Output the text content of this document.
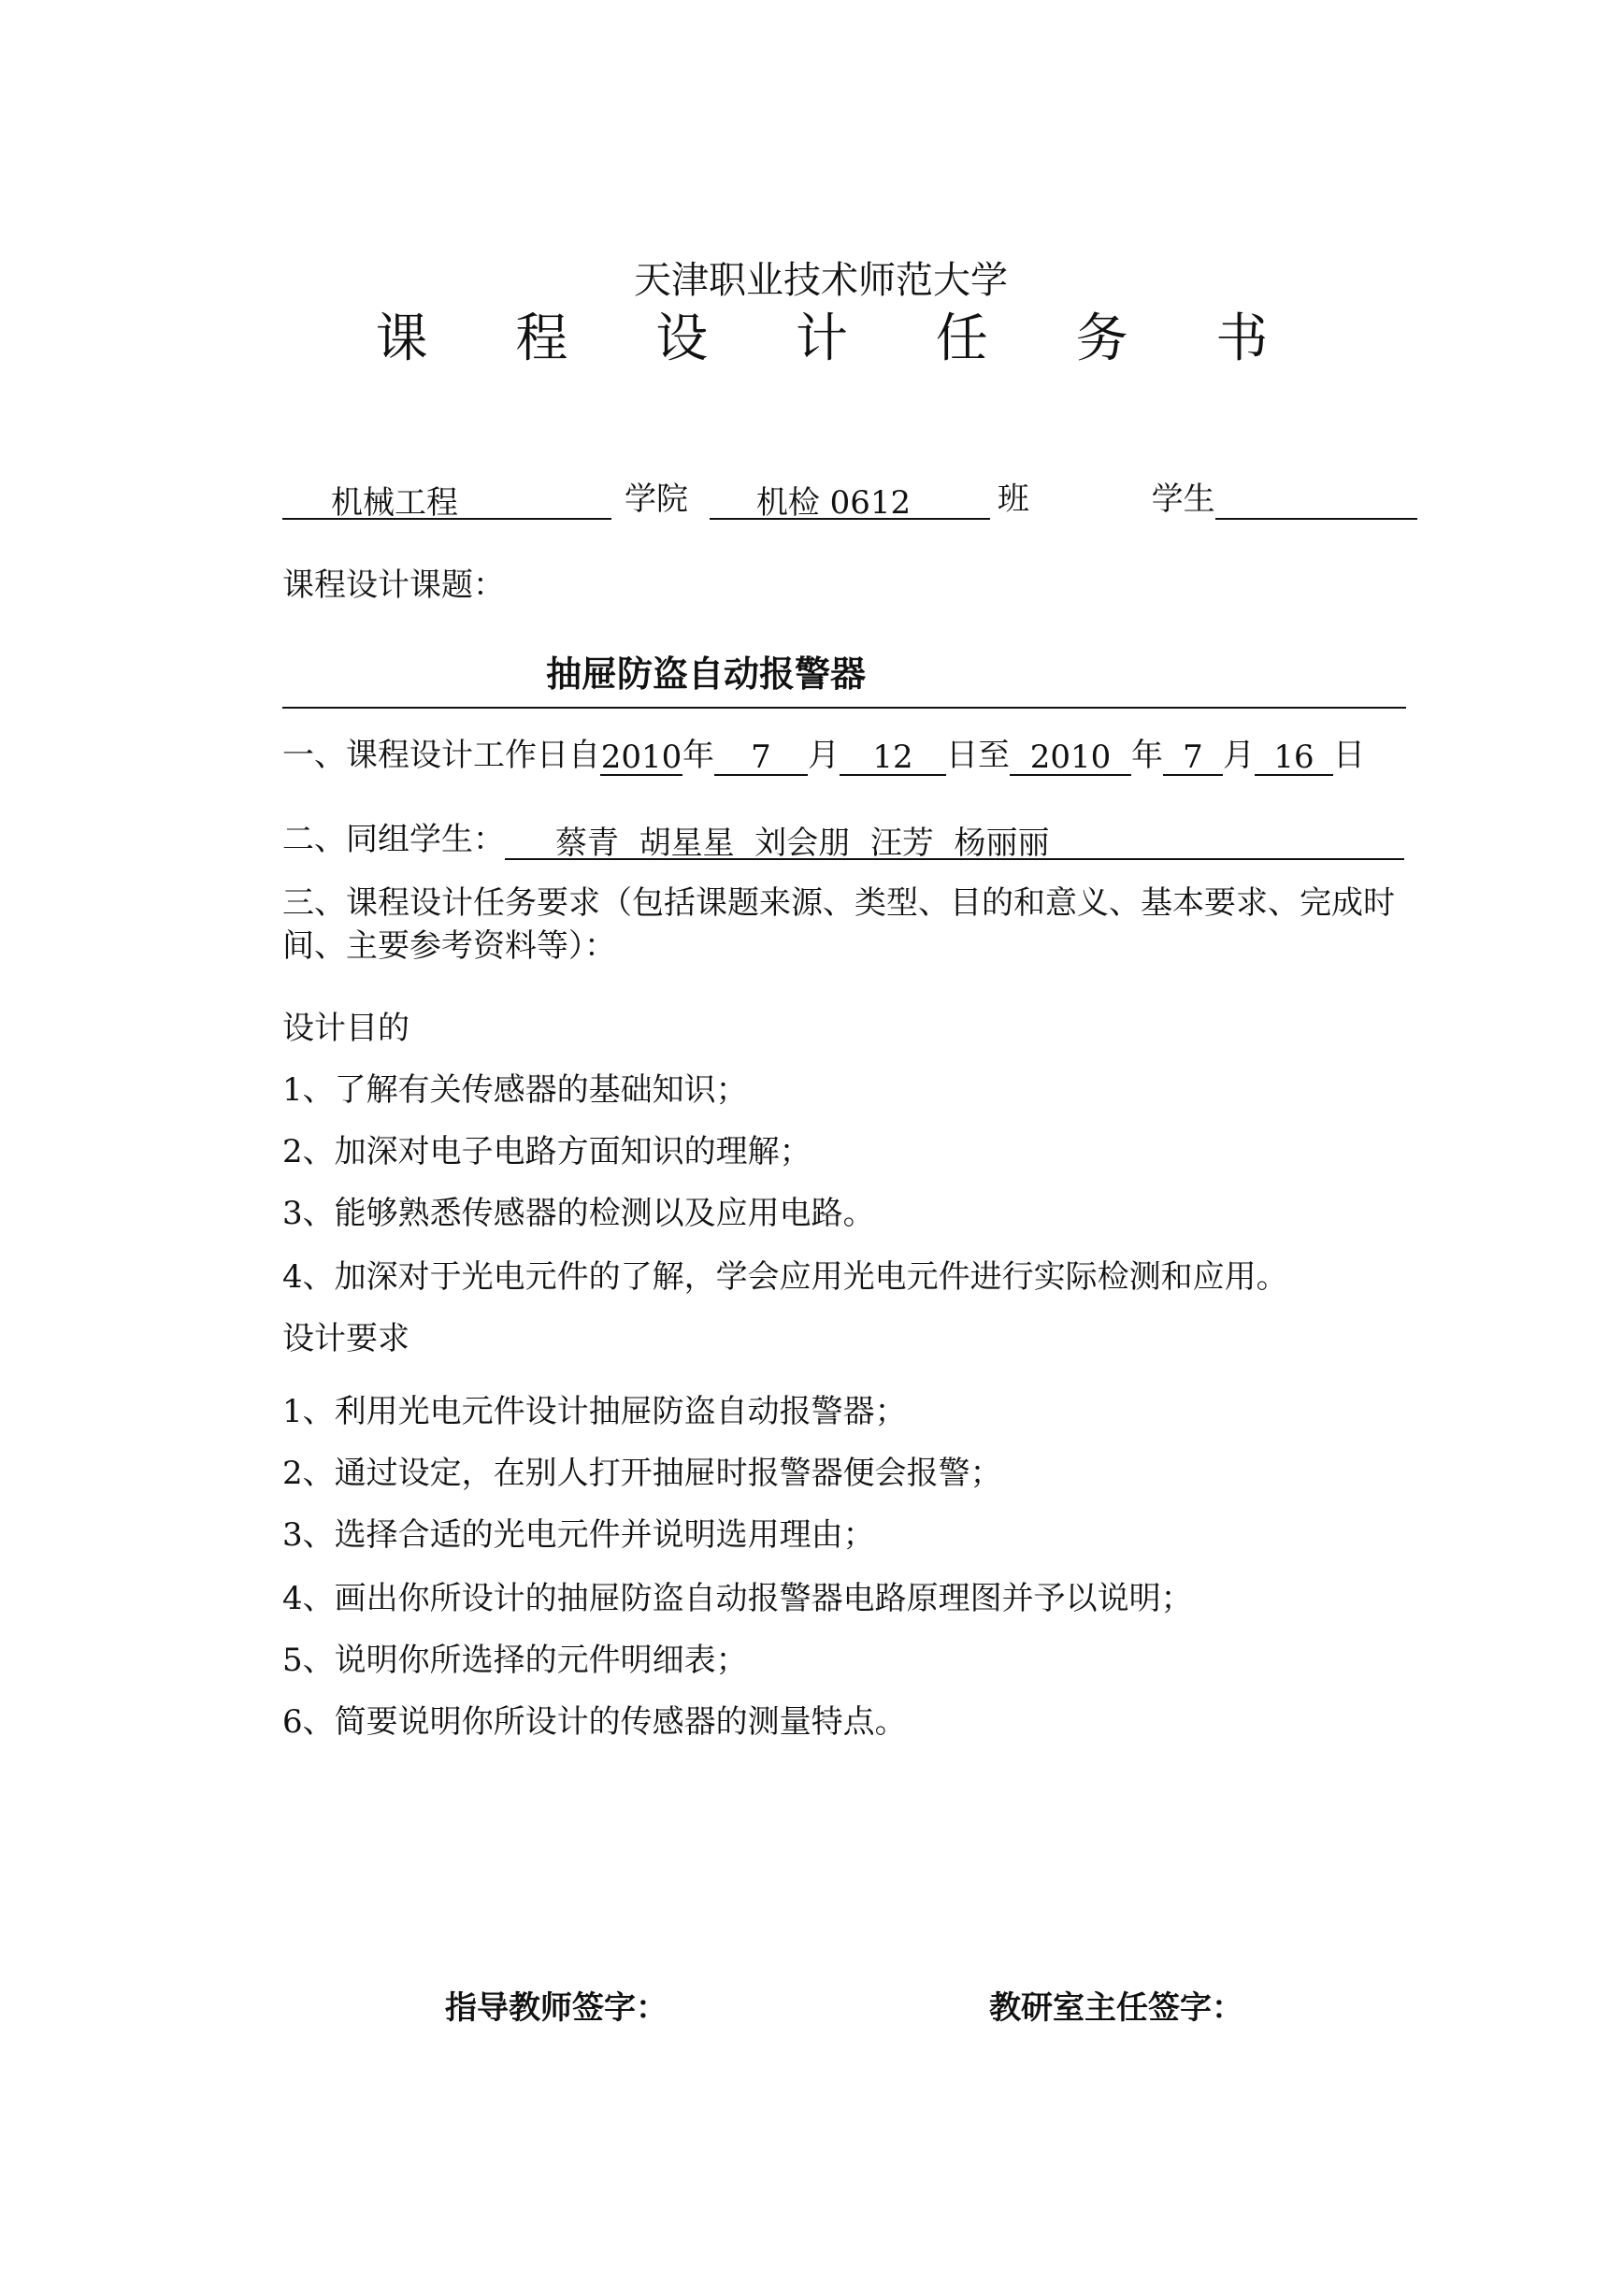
天津职业技术师范大学
课 程 设 计 任 务 书
机械工程	学院 机检 0612	班	学生
课程设计课题：
抽屉防盗自动报警器
一、课程设计工作日自2010年 7 月 12 日至 2010 年 7 月 16 日
二、同组学生： 蔡青  胡星星  刘会朋  汪芳  杨丽丽
三、课程设计任务要求（包括课题来源、类型、目的和意义、基本要求、完成时
间、主要参考资料等）：
设计目的
1、了解有关传感器的基础知识；
2、加深对电子电路方面知识的理解；
3、能够熟悉传感器的检测以及应用电路。
4、加深对于光电元件的了解，学会应用光电元件进行实际检测和应用。
设计要求
1、利用光电元件设计抽屉防盗自动报警器；
2、通过设定，在别人打开抽屉时报警器便会报警；
3、选择合适的光电元件并说明选用理由；
4、画出你所设计的抽屉防盗自动报警器电路原理图并予以说明；
5、说明你所选择的元件明细表；
6、简要说明你所设计的传感器的测量特点。
指导教师签字：	教研室主任签字：
